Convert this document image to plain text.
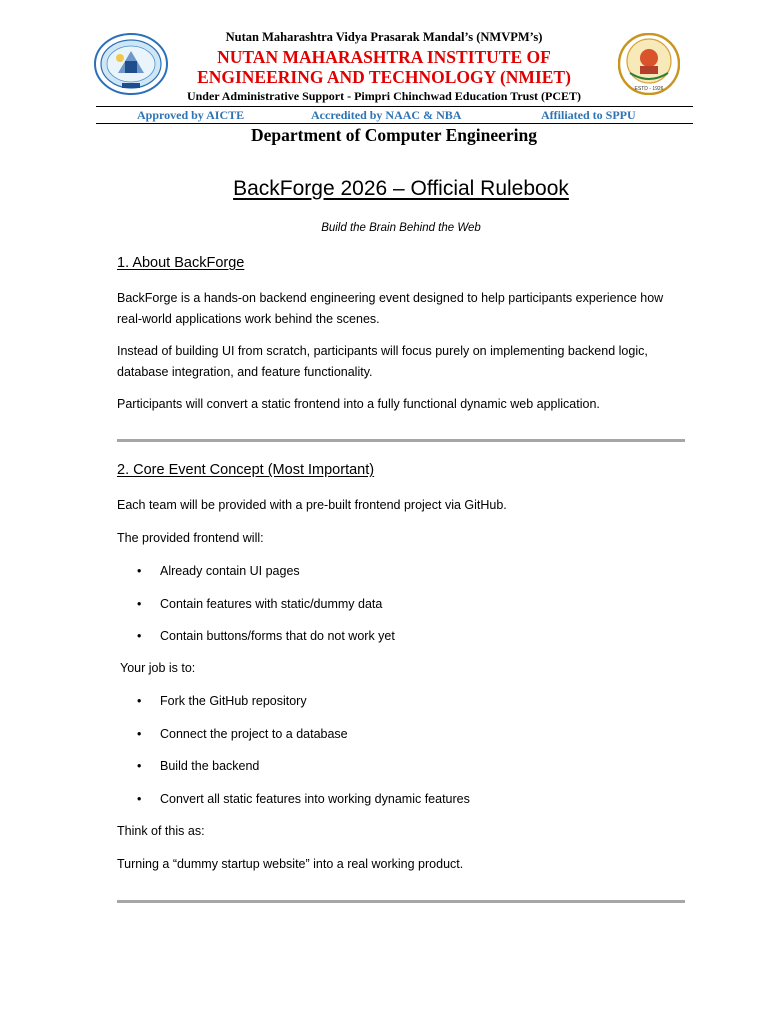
ESTD - 1926
Nutan Maharashtra Vidya Prasarak Mandal’s (NMVPM’s)
NUTAN MAHARASHTRA INSTITUTE OF
ENGINEERING AND TECHNOLOGY (NMIET)
Under Administrative Support - Pimpri Chinchwad Education Trust (PCET)
Approved by AICTE	Accredited by NAAC & NBA	Affiliated to SPPU
Department of Computer Engineering
BackForge 2026 – Official Rulebook
Build the Brain Behind the Web
1. About BackForge
BackForge is a hands-on backend engineering event designed to help participants experience how real-world applications work behind the scenes.
Instead of building UI from scratch, participants will focus purely on implementing backend logic, database integration, and feature functionality.
Participants will convert a static frontend into a fully functional dynamic web application.
2. Core Event Concept (Most Important)
Each team will be provided with a pre-built frontend project via GitHub.
The provided frontend will:
• Already contain UI pages
• Contain features with static/dummy data
• Contain buttons/forms that do not work yet
Your job is to:
• Fork the GitHub repository
• Connect the project to a database
• Build the backend
• Convert all static features into working dynamic features
Think of this as:
Turning a “dummy startup website” into a real working product.
